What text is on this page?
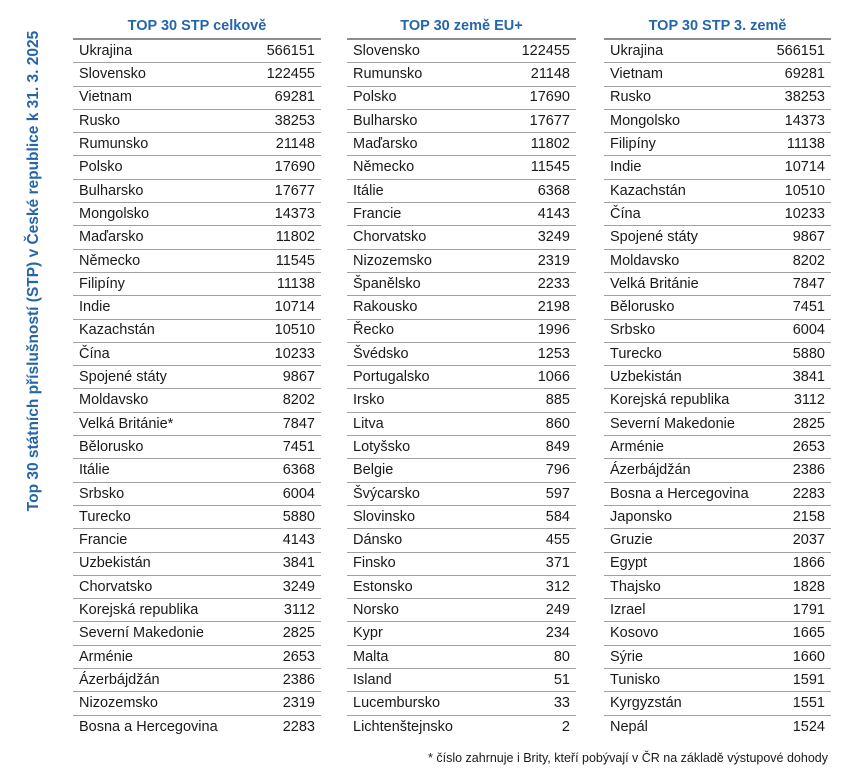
Top 30 státních příslušností (STP) v České republice k 31. 3. 2025
TOP 30 STP celkově
Ukrajina	566151
Slovensko	122455
Vietnam	69281
Rusko	38253
Rumunsko	21148
Polsko	17690
Bulharsko	17677
Mongolsko	14373
Maďarsko	11802
Německo	11545
Filipíny	11138
Indie	10714
Kazachstán	10510
Čína	10233
Spojené státy	9867
Moldavsko	8202
Velká Británie*	7847
Bělorusko	7451
Itálie	6368
Srbsko	6004
Turecko	5880
Francie	4143
Uzbekistán	3841
Chorvatsko	3249
Korejská republika	3112
Severní Makedonie	2825
Arménie	2653
Ázerbájdžán	2386
Nizozemsko	2319
Bosna a Hercegovina	2283
TOP 30 země EU+
Slovensko	122455
Rumunsko	21148
Polsko	17690
Bulharsko	17677
Maďarsko	11802
Německo	11545
Itálie	6368
Francie	4143
Chorvatsko	3249
Nizozemsko	2319
Španělsko	2233
Rakousko	2198
Řecko	1996
Švédsko	1253
Portugalsko	1066
Irsko	885
Litva	860
Lotyšsko	849
Belgie	796
Švýcarsko	597
Slovinsko	584
Dánsko	455
Finsko	371
Estonsko	312
Norsko	249
Kypr	234
Malta	80
Island	51
Lucembursko	33
Lichtenštejnsko	2
TOP 30 STP 3. země
Ukrajina	566151
Vietnam	69281
Rusko	38253
Mongolsko	14373
Filipíny	11138
Indie	10714
Kazachstán	10510
Čína	10233
Spojené státy	9867
Moldavsko	8202
Velká Británie	7847
Bělorusko	7451
Srbsko	6004
Turecko	5880
Uzbekistán	3841
Korejská republika	3112
Severní Makedonie	2825
Arménie	2653
Ázerbájdžán	2386
Bosna a Hercegovina	2283
Japonsko	2158
Gruzie	2037
Egypt	1866
Thajsko	1828
Izrael	1791
Kosovo	1665
Sýrie	1660
Tunisko	1591
Kyrgyzstán	1551
Nepál	1524
* číslo zahrnuje i Brity, kteří pobývají v ČR na základě výstupové dohody
